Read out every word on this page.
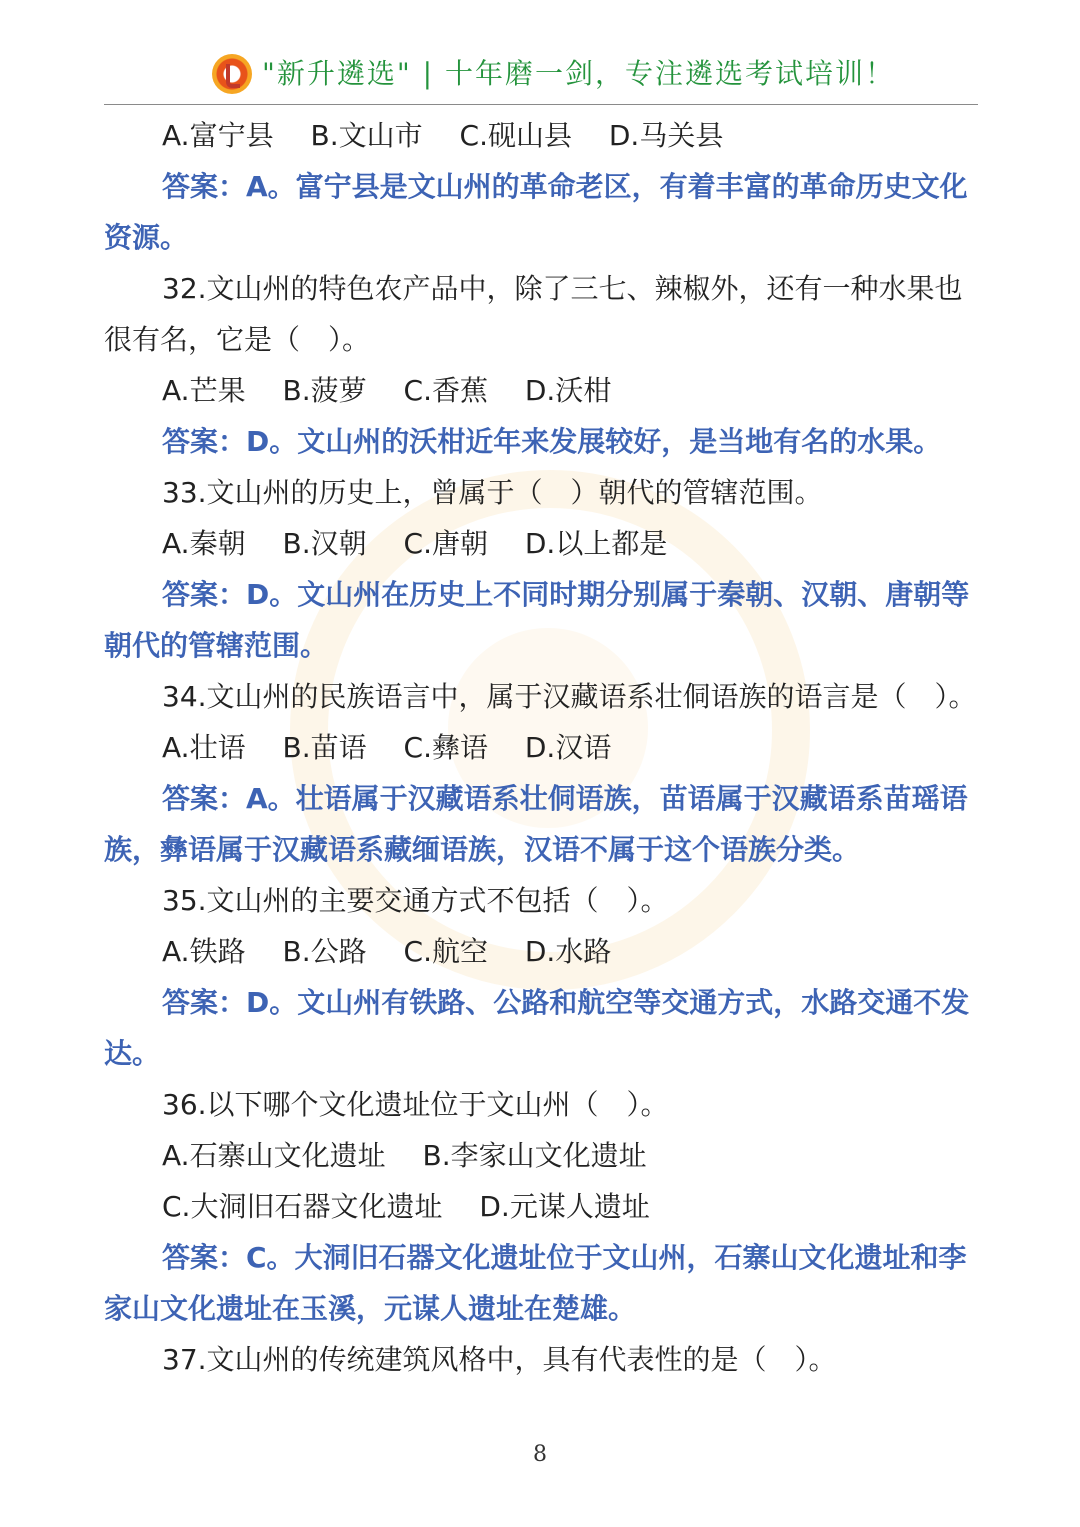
"新升遴选" | 十年磨一剑，专注遴选考试培训！
A.富宁县 B.文山市 C.砚山县 D.马关县
答案：A。富宁县是文山州的革命老区，有着丰富的革命历史文化
资源。
32.文山州的特色农产品中，除了三七、辣椒外，还有一种水果也
很有名，它是（　）。
A.芒果 B.菠萝 C.香蕉 D.沃柑
答案：D。文山州的沃柑近年来发展较好，是当地有名的水果。
33.文山州的历史上，曾属于（　）朝代的管辖范围。
A.秦朝 B.汉朝 C.唐朝 D.以上都是
答案：D。文山州在历史上不同时期分别属于秦朝、汉朝、唐朝等
朝代的管辖范围。
34.文山州的民族语言中，属于汉藏语系壮侗语族的语言是（　）。
A.壮语 B.苗语 C.彝语 D.汉语
答案：A。壮语属于汉藏语系壮侗语族，苗语属于汉藏语系苗瑶语
族，彝语属于汉藏语系藏缅语族，汉语不属于这个语族分类。
35.文山州的主要交通方式不包括（　）。
A.铁路 B.公路 C.航空 D.水路
答案：D。文山州有铁路、公路和航空等交通方式，水路交通不发
达。
36.以下哪个文化遗址位于文山州（　）。
A.石寨山文化遗址 B.李家山文化遗址
C.大洞旧石器文化遗址 D.元谋人遗址
答案：C。大洞旧石器文化遗址位于文山州，石寨山文化遗址和李
家山文化遗址在玉溪，元谋人遗址在楚雄。
37.文山州的传统建筑风格中，具有代表性的是（　）。
8
